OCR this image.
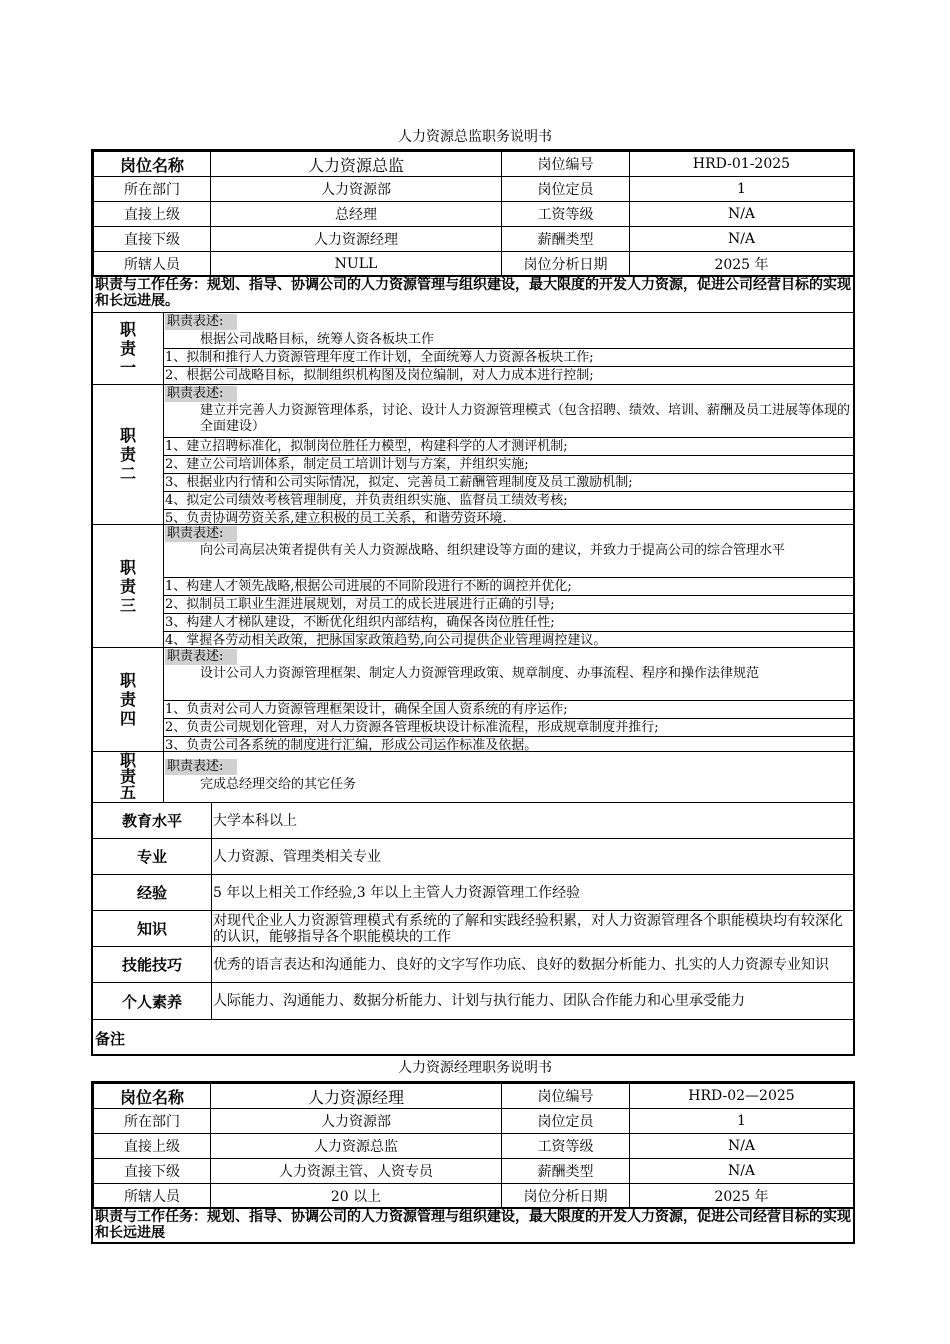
人力资源总监职务说明书
岗位名称	人力资源总监	岗位编号	HRD-01-2025
所在部门	人力资源部	岗位定员	1
直接上级	总经理	工资等级	N/A
直接下级	人力资源经理	薪酬类型	N/A
所辖人员	NULL	岗位分析日期	2025 年
职责与工作任务：规划、指导、协调公司的人力资源管理与组织建设，最大限度的开发人力资源，促进公司经营目标的实现和长远进展。
职责一
职责表述:
根据公司战略目标，统筹人资各板块工作
1、拟制和推行人力资源管理年度工作计划，全面统筹人力资源各板块工作;
2、根据公司战略目标，拟制组织机构图及岗位编制，对人力成本进行控制;
职责二
职责表述:
建立并完善人力资源管理体系，讨论、设计人力资源管理模式（包含招聘、绩效、培训、薪酬及员工进展等体现的全面建设）
1、建立招聘标准化，拟制岗位胜任力模型，构建科学的人才测评机制;
2、建立公司培训体系，制定员工培训计划与方案，并组织实施;
3、根据业内行情和公司实际情况，拟定、完善员工薪酬管理制度及员工激励机制;
4、拟定公司绩效考核管理制度，并负责组织实施、监督员工绩效考核;
5、负责协调劳资关系,建立积极的员工关系，和谐劳资环境.
职责三
职责表述:
向公司高层决策者提供有关人力资源战略、组织建设等方面的建议，并致力于提高公司的综合管理水平
1、构建人才领先战略,根据公司进展的不同阶段进行不断的调控并优化;
2、拟制员工职业生涯进展规划，对员工的成长进展进行正确的引导;
3、构建人才梯队建设，不断优化组织内部结构，确保各岗位胜任性;
4、掌握各劳动相关政策，把脉国家政策趋势,向公司提供企业管理调控建议。
职责四
职责表述:
设计公司人力资源管理框架、制定人力资源管理政策、规章制度、办事流程、程序和操作法律规范
1、负责对公司人力资源管理框架设计，确保全国人资系统的有序运作;
2、负责公司规划化管理，对人力资源各管理板块设计标准流程，形成规章制度并推行;
3、负责公司各系统的制度进行汇编，形成公司运作标准及依据。
职责五
职责表述:
完成总经理交给的其它任务
教育水平	大学本科以上
专业	人力资源、管理类相关专业
经验	5 年以上相关工作经验,3 年以上主管人力资源管理工作经验
知识	对现代企业人力资源管理模式有系统的了解和实践经验积累，对人力资源管理各个职能模块均有较深化的认识，能够指导各个职能模块的工作
技能技巧	优秀的语言表达和沟通能力、良好的文字写作功底、良好的数据分析能力、扎实的人力资源专业知识
个人素养	人际能力、沟通能力、数据分析能力、计划与执行能力、团队合作能力和心里承受能力
备注
人力资源经理职务说明书
岗位名称	人力资源经理	岗位编号	HRD-02—2025
所在部门	人力资源部	岗位定员	1
直接上级	人力资源总监	工资等级	N/A
直接下级	人力资源主管、人资专员	薪酬类型	N/A
所辖人员	20 以上	岗位分析日期	2025 年
职责与工作任务：规划、指导、协调公司的人力资源管理与组织建设，最大限度的开发人力资源，促进公司经营目标的实现和长远进展
